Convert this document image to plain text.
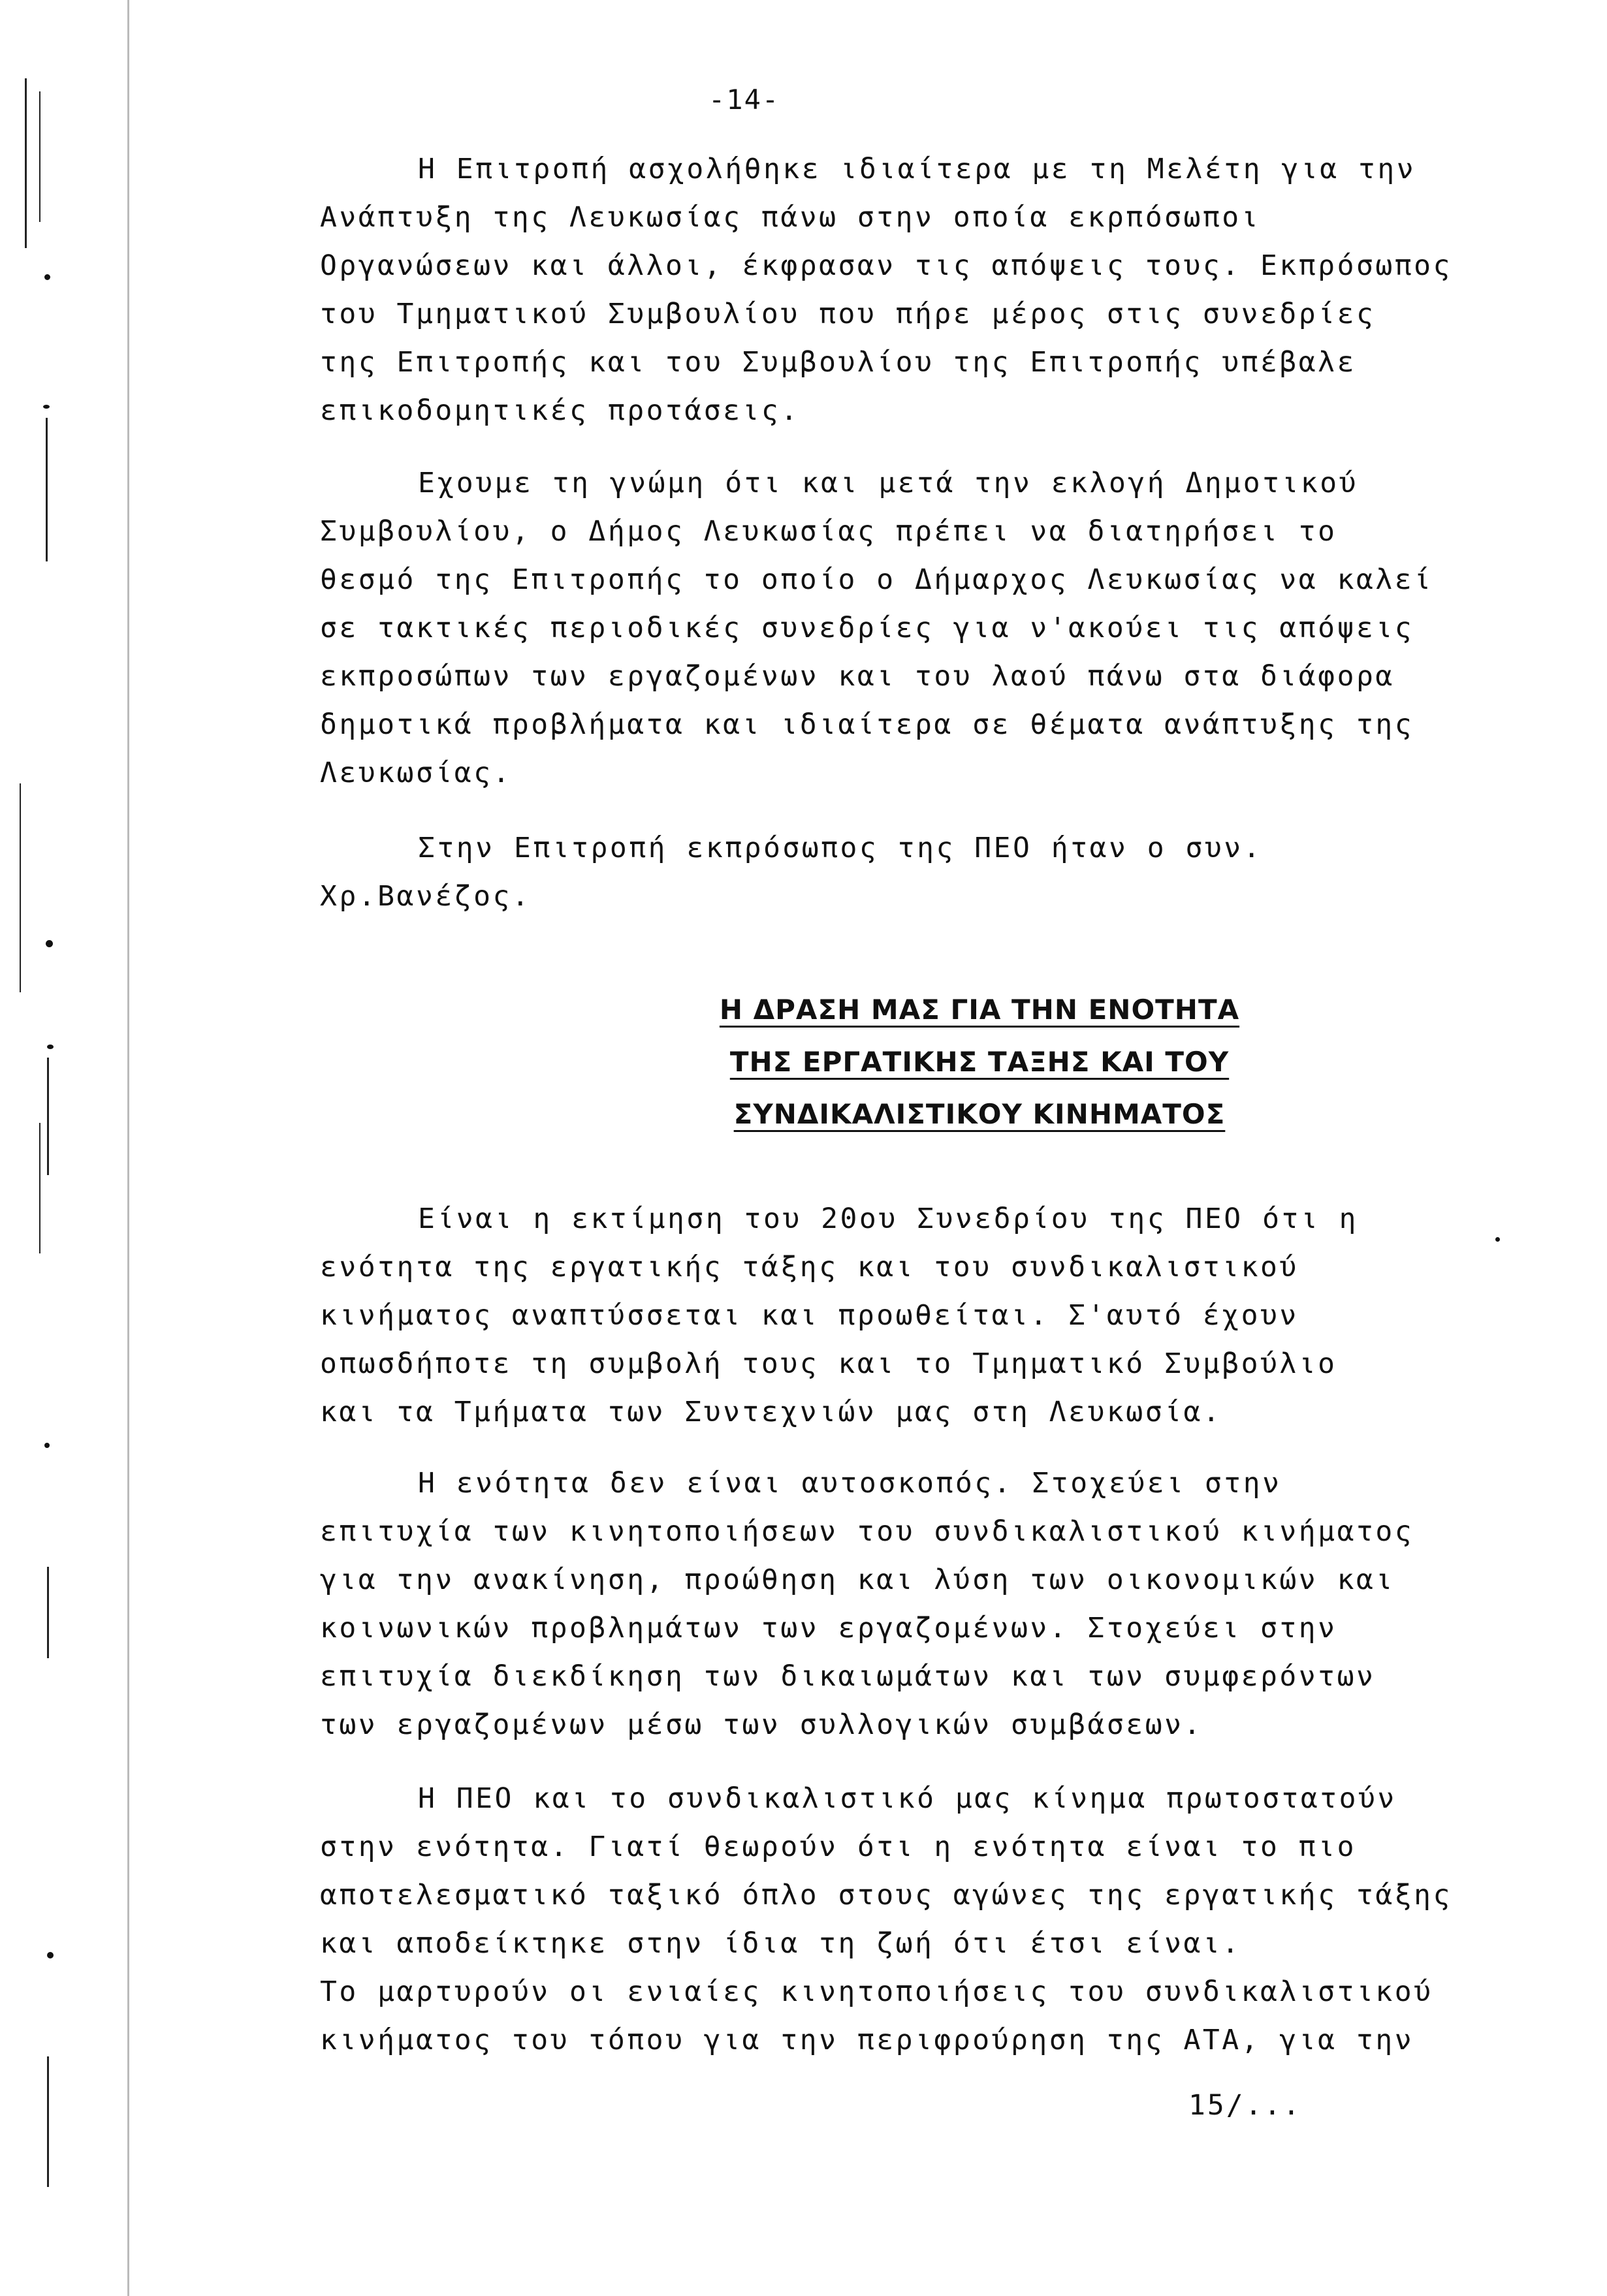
-14-
Η Επιτροπή ασχολήθηκε ιδιαίτερα με τη Μελέτη για την
Ανάπτυξη της Λευκωσίας πάνω στην οποία εκρπόσωποι
Οργανώσεων και άλλοι, έκφρασαν τις απόψεις τους. Εκπρόσωπος
του Τμηματικού Συμβουλίου που πήρε μέρος στις συνεδρίες
της Επιτροπής και του Συμβουλίου της Επιτροπής υπέβαλε
επικοδομητικές προτάσεις.
Εχουμε τη γνώμη ότι και μετά την εκλογή Δημοτικού
Συμβουλίου, ο Δήμος Λευκωσίας πρέπει να διατηρήσει το
θεσμό της Επιτροπής το οποίο ο Δήμαρχος Λευκωσίας να καλεί
σε τακτικές περιοδικές συνεδρίες για ν'ακούει τις απόψεις
εκπροσώπων των εργαζομένων και του λαού πάνω στα διάφορα
δημοτικά προβλήματα και ιδιαίτερα σε θέματα ανάπτυξης της
Λευκωσίας.
Στην Επιτροπή εκπρόσωπος της ΠΕΟ ήταν ο συν.
Χρ.Βανέζος.
Η ΔΡΑΣΗ ΜΑΣ ΓΙΑ ΤΗΝ ΕΝΟΤΗΤΑ
ΤΗΣ ΕΡΓΑΤΙΚΗΣ ΤΑΞΗΣ ΚΑΙ ΤΟΥ
ΣΥΝΔΙΚΑΛΙΣΤΙΚΟΥ ΚΙΝΗΜΑΤΟΣ
Είναι η εκτίμηση του 20ου Συνεδρίου της ΠΕΟ ότι η
ενότητα της εργατικής τάξης και του συνδικαλιστικού
κινήματος αναπτύσσεται και προωθείται. Σ'αυτό έχουν
οπωσδήποτε τη συμβολή τους και το Τμηματικό Συμβούλιο
και τα Τμήματα των Συντεχνιών μας στη Λευκωσία.
Η ενότητα δεν είναι αυτοσκοπός. Στοχεύει στην
επιτυχία των κινητοποιήσεων του συνδικαλιστικού κινήματος
για την ανακίνηση, προώθηση και λύση των οικονομικών και
κοινωνικών προβλημάτων των εργαζομένων. Στοχεύει στην
επιτυχία διεκδίκηση των δικαιωμάτων και των συμφερόντων
των εργαζομένων μέσω των συλλογικών συμβάσεων.
Η ΠΕΟ και το συνδικαλιστικό μας κίνημα πρωτοστατούν
στην ενότητα. Γιατί θεωρούν ότι η ενότητα είναι το πιο
αποτελεσματικό ταξικό όπλο στους αγώνες της εργατικής τάξης
και αποδείκτηκε στην ίδια τη ζωή ότι έτσι είναι.
Το μαρτυρούν οι ενιαίες κινητοποιήσεις του συνδικαλιστικού
κινήματος του τόπου για την περιφρούρηση της ΑΤΑ, για την
15/...
